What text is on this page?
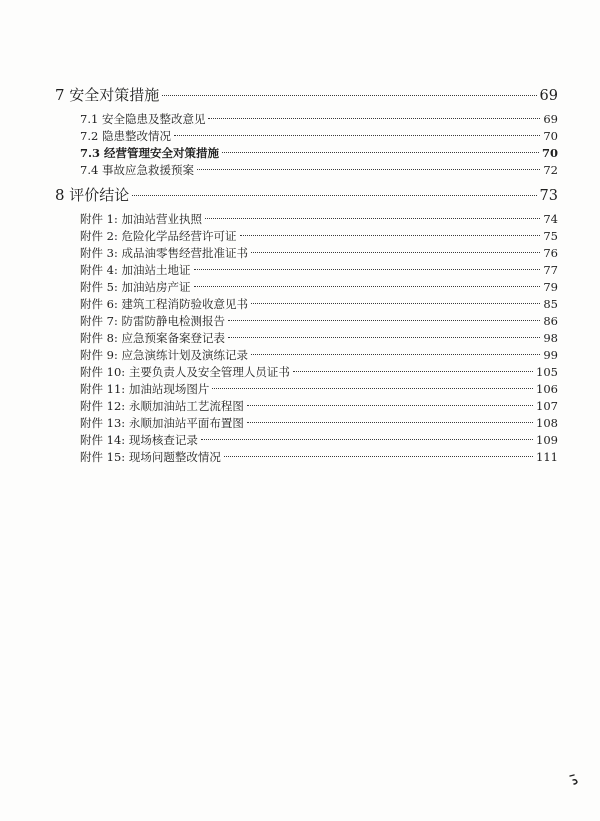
7 安全对策措施	69
7.1 安全隐患及整改意见	69
7.2 隐患整改情况	70
7.3 经营管理安全对策措施	70
7.4 事故应急救援预案	72
8 评价结论	73
附件 1: 加油站营业执照	74
附件 2: 危险化学品经营许可证	75
附件 3: 成品油零售经营批准证书	76
附件 4: 加油站土地证	77
附件 5: 加油站房产证	79
附件 6: 建筑工程消防验收意见书	85
附件 7: 防雷防静电检测报告	86
附件 8: 应急预案备案登记表	98
附件 9: 应急演练计划及演练记录	99
附件 10: 主要负责人及安全管理人员证书	105
附件 11: 加油站现场图片	106
附件 12: 永顺加油站工艺流程图	107
附件 13: 永顺加油站平面布置图	108
附件 14: 现场核查记录	109
附件 15: 现场问题整改情况	111
